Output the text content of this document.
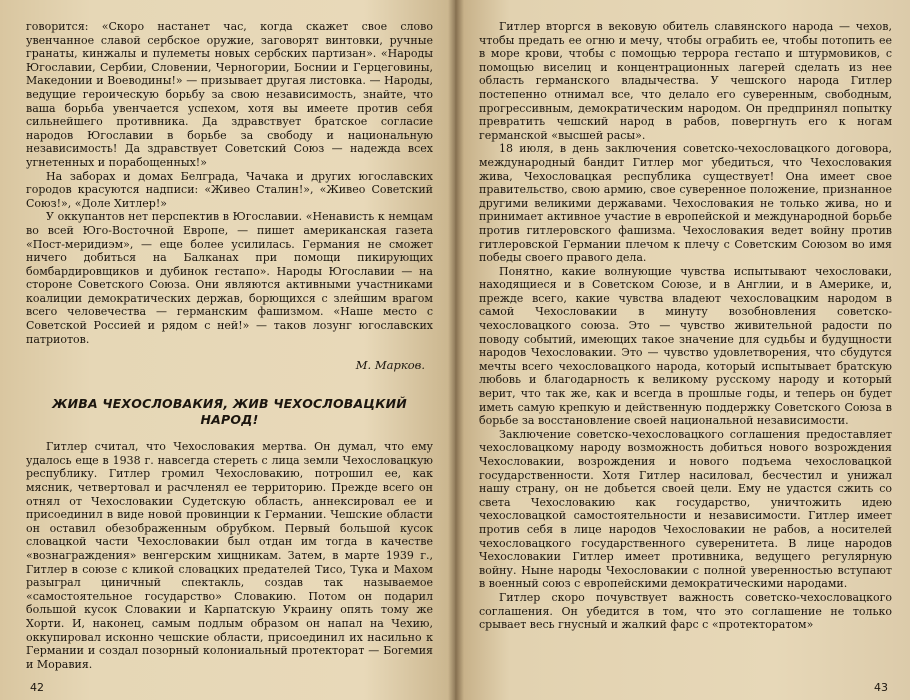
говорится: «Скоро настанет час, когда скажет свое слово увенчанное славой сербское оружие, заговорят винтовки, ручные гранаты, кинжалы и пулеметы новых сербских партизан». «Народы Югославии, Сербии, Словении, Черногории, Боснии и Герцеговины, Македонии и Воеводины!» — призывает другая листовка. — Народы, ведущие героическую борьбу за свою независимость, знайте, что ваша борьба увенчается успехом, хотя вы имеете против себя сильнейшего противника. Да здравствует братское согласие народов Югославии в борьбе за свободу и национальную независимость! Да здравствует Советский Союз — надежда всех угнетенных и порабощенных!»

На заборах и домах Белграда, Чачака и других югославских городов красуются надписи: «Живео Сталин!», «Живео Советский Союз!», «Доле Хитлер!»

У оккупантов нет перспектив в Югославии. «Ненависть к немцам во всей Юго-Восточной Европе, — пишет американская газета «Пост-меридиэм», — еще более усилилась. Германия не сможет ничего добиться на Балканах при помощи пикирующих бомбардировщиков и дубинок гестапо». Народы Югославии — на стороне Советского Союза. Они являются активными участниками коалиции демократических держав, борющихся с злейшим врагом всего человечества — германским фашизмом. «Наше место с Советской Россией и рядом с ней!» — таков лозунг югославских патриотов.

М. Марков.
ЖИВА ЧЕХОСЛОВАКИЯ, ЖИВ ЧЕХОСЛОВАЦКИЙ
НАРОД!

Гитлер считал, что Чехословакия мертва. Он думал, что ему удалось еще в 1938 г. навсегда стереть с лица земли Чехословацкую республику. Гитлер громил Чехословакию, потрошил ее, как мясник, четвертовал и расчленял ее территорию. Прежде всего он отнял от Чехословакии Судетскую область, аннексировал ее и присоединил в виде новой провинции к Германии. Чешские области он оставил обезображенным обрубком. Первый большой кусок словацкой части Чехословакии был отдан им тогда в качестве «вознаграждения» венгерским хищникам. Затем, в марте 1939 г., Гитлер в союзе с кликой словацких предателей Тисо, Тука и Махом разыграл циничный спектакль, создав так называемое «самостоятельное государство» Словакию. Потом он подарил большой кусок Словакии и Карпатскую Украину опять тому же Хорти. И, наконец, самым подлым образом он напал на Чехию, оккупировал исконно чешские области, присоединил их насильно к Германии и создал позорный колониальный протекторат — Богемия и Моравия.

42

Гитлер вторгся в вековую обитель славянского народа — чехов, чтобы предать ее огню и мечу, чтобы ограбить ее, чтобы потопить ее в море крови, чтобы с помощью террора гестапо и штурмовиков, с помощью виселиц и концентрационных лагерей сделать из нее область германского владычества. У чешского народа Гитлер постепенно отнимал все, что делало его суверенным, свободным, прогрессивным, демократическим народом. Он предпринял попытку превратить чешский народ в рабов, повергнуть его к ногам германской «высшей расы».

18 июля, в день заключения советско-чехословацкого договора, международный бандит Гитлер мог убедиться, что Чехословакия жива, Чехословацкая республика существует! Она имеет свое правительство, свою армию, свое суверенное положение, признанное другими великими державами. Чехословакия не только жива, но и принимает активное участие в европейской и международной борьбе против гитлеровского фашизма. Чехословакия ведет войну против гитлеровской Германии плечом к плечу с Советским Союзом во имя победы своего правого дела.

Понятно, какие волнующие чувства испытывают чехословаки, находящиеся и в Советском Союзе, и в Англии, и в Америке, и, прежде всего, какие чувства владеют чехословацким народом в самой Чехословакии в минуту возобновления советско-чехословацкого союза. Это — чувство живительной радости по поводу событий, имеющих такое значение для судьбы и будущности народов Чехословакии. Это — чувство удовлетворения, что сбудутся мечты всего чехословацкого народа, который испытывает братскую любовь и благодарность к великому русскому народу и который верит, что так же, как и всегда в прошлые годы, и теперь он будет иметь самую крепкую и действенную поддержку Советского Союза в борьбе за восстановление своей национальной независимости.

Заключение советско-чехословацкого соглашения предоставляет чехословацкому народу возможность добиться нового возрождения Чехословакии, возрождения и нового подъема чехословацкой государственности. Хотя Гитлер насиловал, бесчестил и унижал нашу страну, он не добьется своей цели. Ему не удастся сжить со света Чехословакию как государство, уничтожить идею чехословацкой самостоятельности и независимости. Гитлер имеет против себя в лице народов Чехословакии не рабов, а носителей чехословацкого государственного суверенитета. В лице народов Чехословакии Гитлер имеет противника, ведущего регулярную войну. Ныне народы Чехословакии с полной уверенностью вступают в военный союз с европейскими демократическими народами.

Гитлер скоро почувствует важность советско-чехословацкого соглашения. Он убедится в том, что это соглашение не только срывает весь гнусный и жалкий фарс с «протекторатом»

43
